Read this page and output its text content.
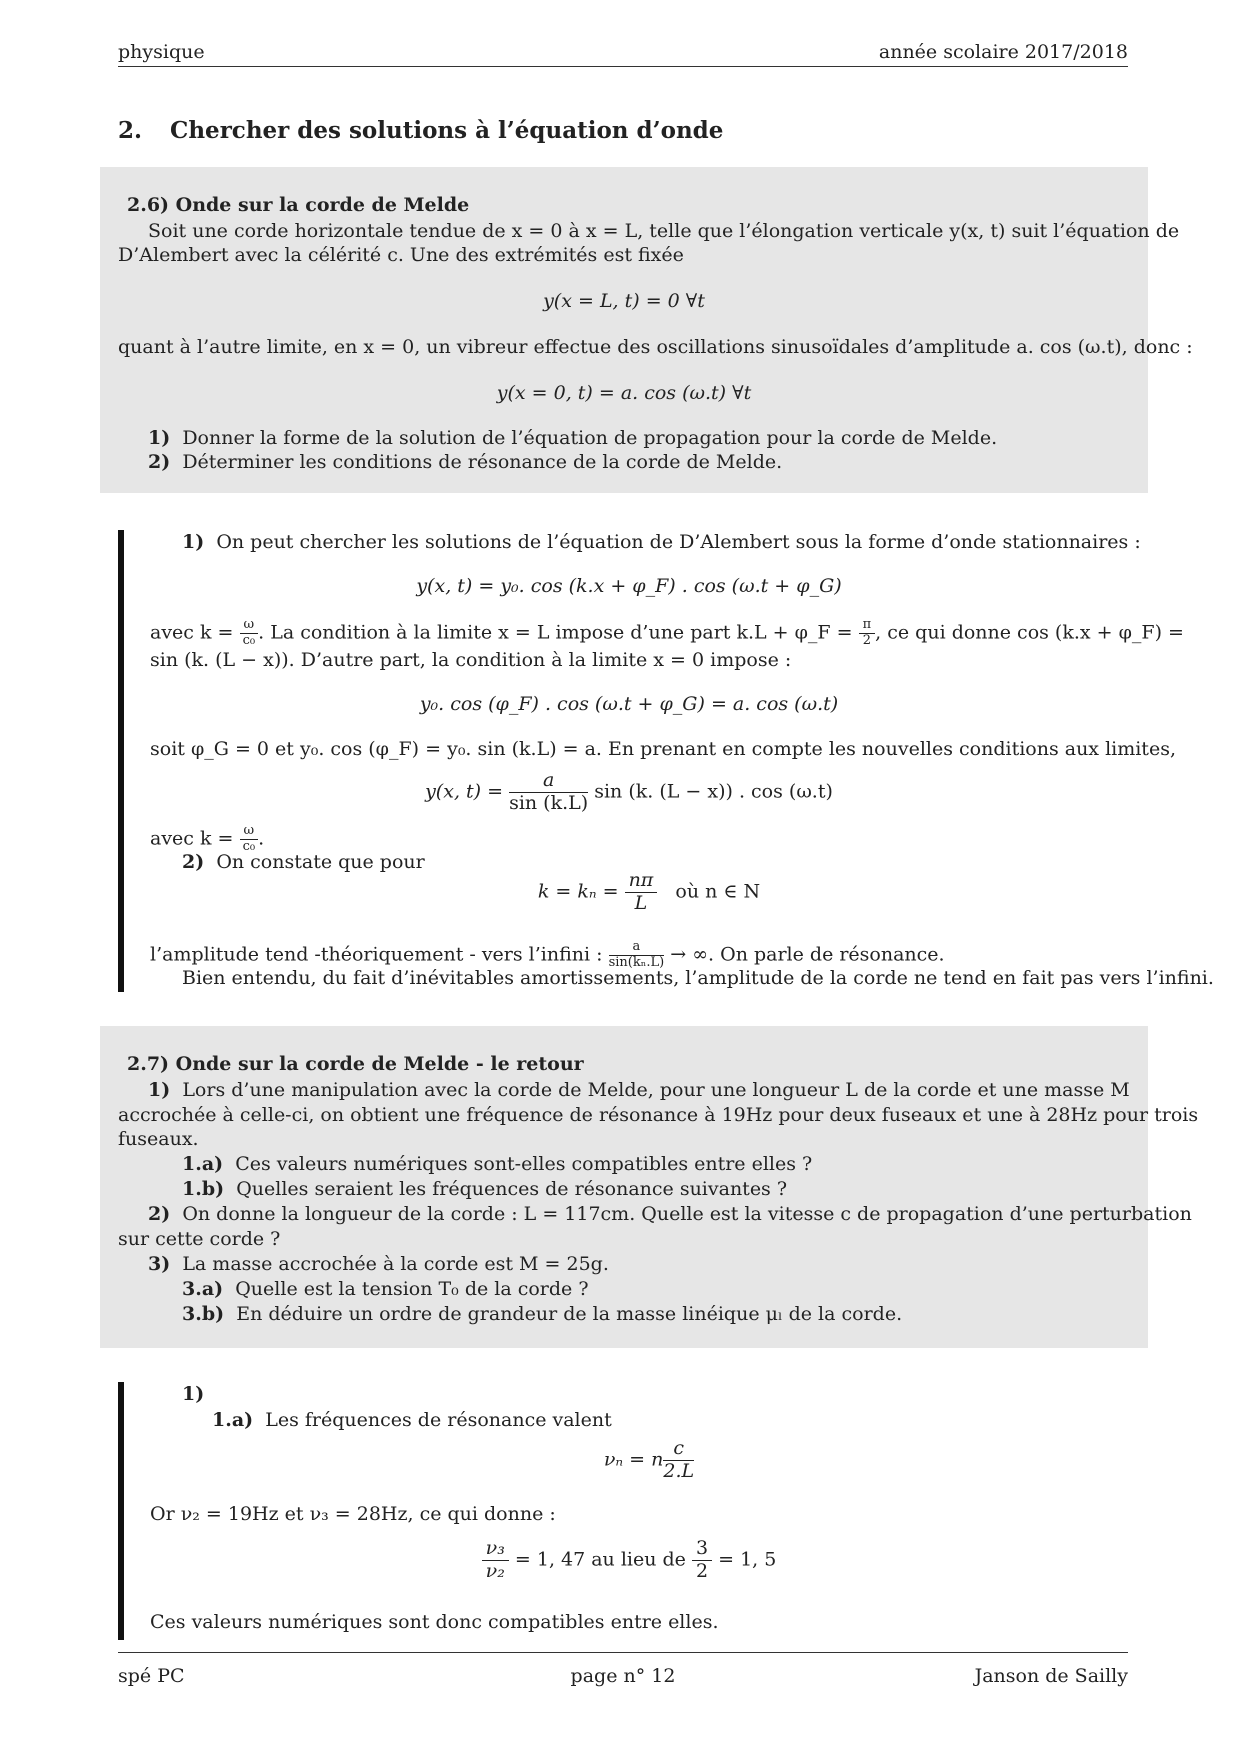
physique	année scolaire 2017/2018
2. Chercher des solutions à l’équation d’onde
2.6) Onde sur la corde de Melde
Soit une corde horizontale tendue de x = 0 à x = L, telle que l’élongation verticale y(x, t) suit l’équation de
D’Alembert avec la célérité c. Une des extrémités est fixée
y(x = L, t) = 0 ∀t
quant à l’autre limite, en x = 0, un vibreur effectue des oscillations sinusoïdales d’amplitude a. cos (ω.t), donc :
y(x = 0, t) = a. cos (ω.t) ∀t
1) Donner la forme de la solution de l’équation de propagation pour la corde de Melde.
2) Déterminer les conditions de résonance de la corde de Melde.
1) On peut chercher les solutions de l’équation de D’Alembert sous la forme d’onde stationnaires :
y(x, t) = y₀. cos (k.x + φ_F) . cos (ω.t + φ_G)
avec $k = \frac{\omega}{\text{c₀}}$ . La condition à la limite x = L impose d’une part k.L + φ_F = $\frac{\pi}{2}$ , ce qui donne cos (k.x + φ_F) =
sin (k. (L − x)). D’autre part, la condition à la limite x = 0 impose :
y₀. cos (φ_F) . cos (ω.t + φ_G) = a. cos (ω.t)
soit φ_G = 0 et y₀. cos (φ_F) = y₀. sin (k.L) = a. En prenant en compte les nouvelles conditions aux limites,
y(x, $t) = \frac{a}{\sin (k.L)}$ sin (k. (L − x)) . cos (ω.t)
avec $k = \frac{\omega}{\text{c₀}}$ .
2) On constate que pour
$k = k_n = \frac{n\pi}{L}$ où n ∈ N
l’amplitude tend -théoriquement - vers l’infini : $\frac{a}{\text{sin(kₙ.L)}}$ → ∞. On parle de résonance.
Bien entendu, du fait d’inévitables amortissements, l’amplitude de la corde ne tend en fait pas vers l’infini.
2.7) Onde sur la corde de Melde - le retour
1) Lors d’une manipulation avec la corde de Melde, pour une longueur L de la corde et une masse M
accrochée à celle-ci, on obtient une fréquence de résonance à 19Hz pour deux fuseaux et une à 28Hz pour trois
fuseaux.
1.a) Ces valeurs numériques sont-elles compatibles entre elles ?
1.b) Quelles seraient les fréquences de résonance suivantes ?
2) On donne la longueur de la corde : L = 117cm. Quelle est la vitesse c de propagation d’une perturbation
sur cette corde ?
3) La masse accrochée à la corde est M = 25g.
3.a) Quelle est la tension T₀ de la corde ?
3.b) En déduire un ordre de grandeur de la masse linéique μₗ de la corde.
1)
1.a) Les fréquences de résonance valent
νₙ = n $\frac{c}{2.L}$
Or ν₂ = 19Hz et ν₃ = 28Hz, ce qui donne :
$\frac{\text{ν₃}}{\text{ν₂}} = 1$, 47 au lieu de $\frac{3}{2} = 1$, 5
Ces valeurs numériques sont donc compatibles entre elles.
spé PC	page n° 12	Janson de Sailly
